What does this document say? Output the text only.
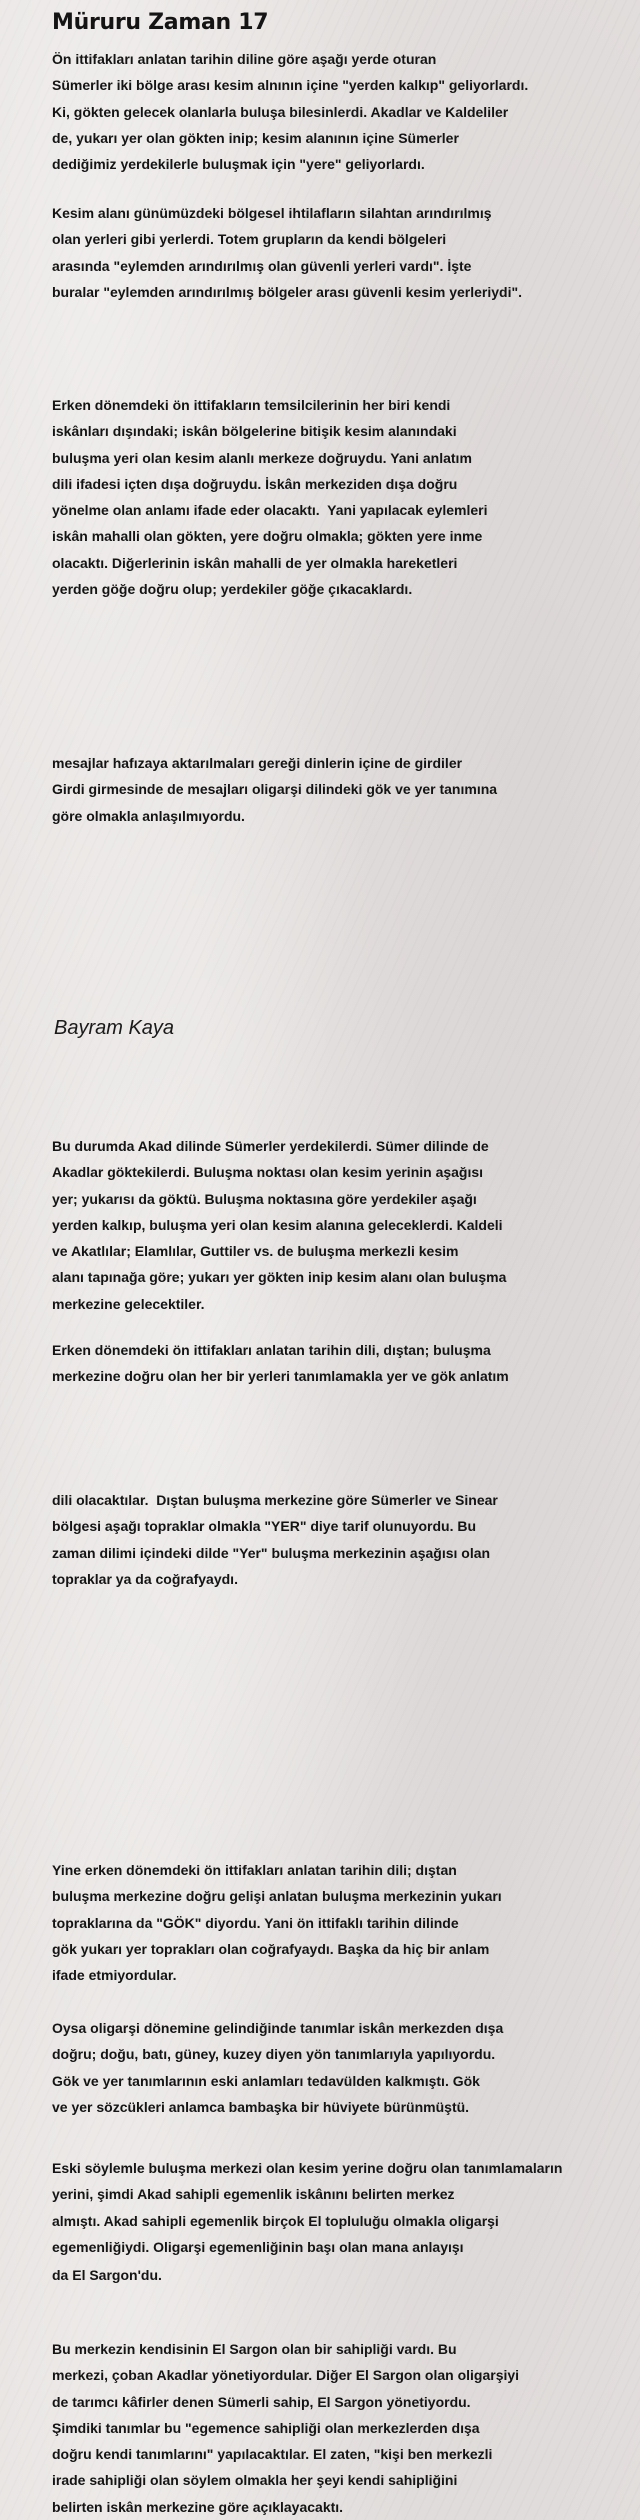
Müruru Zaman 17

Ön ittifakları anlatan tarihin diline göre aşağı yerde oturan
Sümerler iki bölge arası kesim alnının içine "yerden kalkıp" geliyorlardı.
Ki, gökten gelecek olanlarla buluşa bilesinlerdi. Akadlar ve Kaldeliler
de, yukarı yer olan gökten inip; kesim alanının içine Sümerler
dediğimiz yerdekilerle buluşmak için "yere" geliyorlardı.

Kesim alanı günümüzdeki bölgesel ihtilafların silahtan arındırılmış
olan yerleri gibi yerlerdi. Totem grupların da kendi bölgeleri
arasında "eylemden arındırılmış olan güvenli yerleri vardı". İşte
buralar "eylemden arındırılmış bölgeler arası güvenli kesim yerleriydi".

Erken dönemdeki ön ittifakların temsilcilerinin her biri kendi
iskânları dışındaki; iskân bölgelerine bitişik kesim alanındaki
buluşma yeri olan kesim alanlı merkeze doğruydu. Yani anlatım
dili ifadesi içten dışa doğruydu. İskân merkeziden dışa doğru
yönelme olan anlamı ifade eder olacaktı.  Yani yapılacak eylemleri
iskân mahalli olan gökten, yere doğru olmakla; gökten yere inme
olacaktı. Diğerlerinin iskân mahalli de yer olmakla hareketleri
yerden göğe doğru olup; yerdekiler göğe çıkacaklardı.

mesajlar hafızaya aktarılmaları gereği dinlerin içine de girdiler
Girdi girmesinde de mesajları oligarşi dilindeki gök ve yer tanımına
göre olmakla anlaşılmıyordu.

Bayram Kaya

Bu durumda Akad dilinde Sümerler yerdekilerdi. Sümer dilinde de
Akadlar göktekilerdi. Buluşma noktası olan kesim yerinin aşağısı
yer; yukarısı da göktü. Buluşma noktasına göre yerdekiler aşağı
yerden kalkıp, buluşma yeri olan kesim alanına geleceklerdi. Kaldeli
ve Akatlılar; Elamlılar, Guttiler vs. de buluşma merkezli kesim
alanı tapınağa göre; yukarı yer gökten inip kesim alanı olan buluşma
merkezine gelecektiler.

Erken dönemdeki ön ittifakları anlatan tarihin dili, dıştan; buluşma
merkezine doğru olan her bir yerleri tanımlamakla yer ve gök anlatım

dili olacaktılar.  Dıştan buluşma merkezine göre Sümerler ve Sinear
bölgesi aşağı topraklar olmakla "YER" diye tarif olunuyordu. Bu
zaman dilimi içindeki dilde "Yer" buluşma merkezinin aşağısı olan
topraklar ya da coğrafyaydı.

Yine erken dönemdeki ön ittifakları anlatan tarihin dili; dıştan
buluşma merkezine doğru gelişi anlatan buluşma merkezinin yukarı
topraklarına da "GÖK" diyordu. Yani ön ittifaklı tarihin dilinde
gök yukarı yer toprakları olan coğrafyaydı. Başka da hiç bir anlam
ifade etmiyordular.

Oysa oligarşi dönemine gelindiğinde tanımlar iskân merkezden dışa
doğru; doğu, batı, güney, kuzey diyen yön tanımlarıyla yapılıyordu.
Gök ve yer tanımlarının eski anlamları tedavülden kalkmıştı. Gök
ve yer sözcükleri anlamca bambaşka bir hüviyete bürünmüştü.

Eski söylemle buluşma merkezi olan kesim yerine doğru olan tanımlamaların
yerini, şimdi Akad sahipli egemenlik iskânını belirten merkez
almıştı. Akad sahipli egemenlik birçok El topluluğu olmakla oligarşi
egemenliğiydi. Oligarşi egemenliğinin başı olan mana anlayışı

da El Sargon'du.

Bu merkezin kendisinin El Sargon olan bir sahipliği vardı. Bu
merkezi, çoban Akadlar yönetiyordular. Diğer El Sargon olan oligarşiyi
de tarımcı kâfirler denen Sümerli sahip, El Sargon yönetiyordu.
Şimdiki tanımlar bu "egemence sahipliği olan merkezlerden dışa
doğru kendi tanımlarını" yapılacaktılar. El zaten, "kişi ben merkezli
irade sahipliği olan söylem olmakla her şeyi kendi sahipliğini
belirten iskân merkezine göre açıklayacaktı.
